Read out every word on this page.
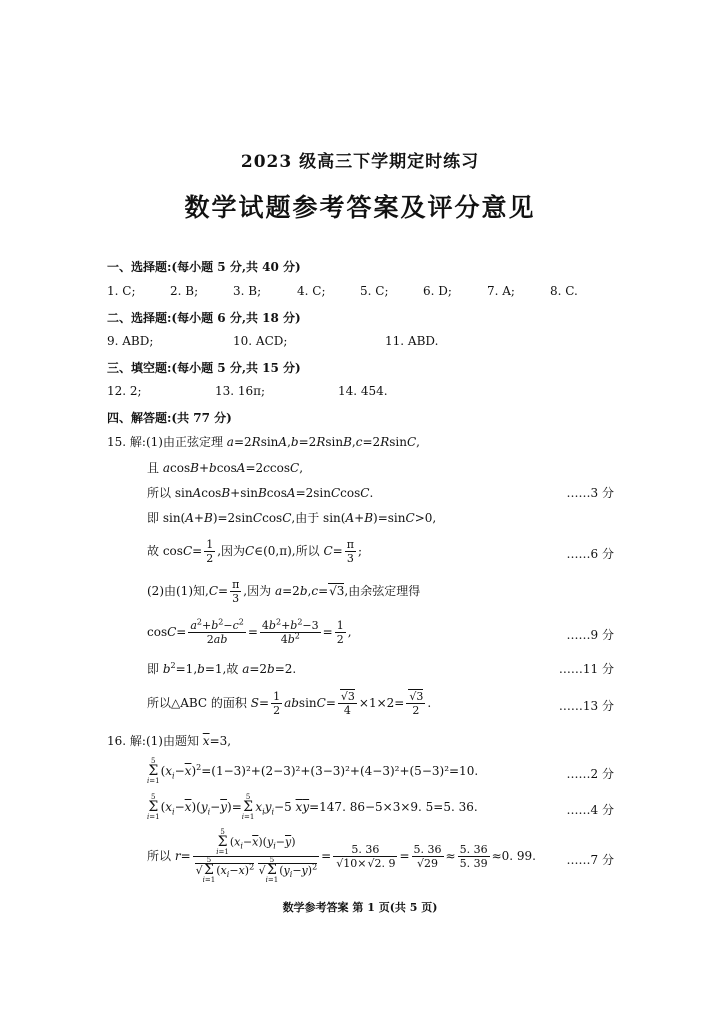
2023 级高三下学期定时练习
数学试题参考答案及评分意见
一、选择题:(每小题 5 分,共 40 分)
1. C;	2. B;	3. B;	4. C;	5. C;	6. D;	7. A;	8. C.
二、选择题:(每小题 6 分,共 18 分)
9. ABD;	10. ACD;	11. ABD.
三、填空题:(每小题 5 分,共 15 分)
12. 2;	13. 16π;	14. 454.
四、解答题:(共 77 分)
15. 解:(1)由正弦定理 a=2RsinA,b=2RsinB,c=2RsinC,
且 acosB+bcosA=2ccosC,
所以 sinAcosB+sinBcosA=2sinCcosC.	……3 分
即 sin(A+B)=2sinCcosC,由于 sin(A+B)=sinC>0,
故 $\cos C= \frac{1}{2}$ ,因为C∈(0,π),所以 $C= \frac{\pi}{3}$ ;	……6 分
(2)由(1)知$,C= \frac{\pi}{3}$ ,因为 a=2b,c=√3,由余弦定理得
$\cos C= \frac{a^2+b^2-c^2}{2ab} = \frac{4b^2+b^2-3}{4b^2} = \frac{1}{2}$ ,	……9 分
即 $b^2=1,b=1$,故 a=2b=2.	……11 分
所以△ABC 的面积 $S= \frac{1}{2} absinC= \frac{√3}{4} \times 1\times 2= \frac{√3}{2}$ .	……13 分
16. 解:(1)由题知 $\overline{x}=3$,
5
Σ
$i=1(x_i-\overline{x})^2=(1-3)^2+(2-3)^2+(3-3)^2+(4-3)^2+(5-3)^2=10$.	……2 分
5
Σ
$i=1(x_i-\overline{x})(y_i-\overline{y})=5$
Σ
$i=1x_iy_i-5$ $\overline{x}\overline{y}=147$. 86−5×3×9. 5=5. 36.	……4 分
所以 r= 5
Σ
$i=1(x_i-\overline{x})(y_i-\overline{y})$
√5
Σ
$i=1(x_i-\overline{x})^2$ √5
Σ
$i=1(y_i-\overline{y})^2 = \frac{5. 36}{√10\times√2. 9} = \frac{5. 36}{√29} \approx \frac{5. 36}{5. 39} \approx 0$. 99.	……7 分
数学参考答案 第 1 页(共 5 页)
